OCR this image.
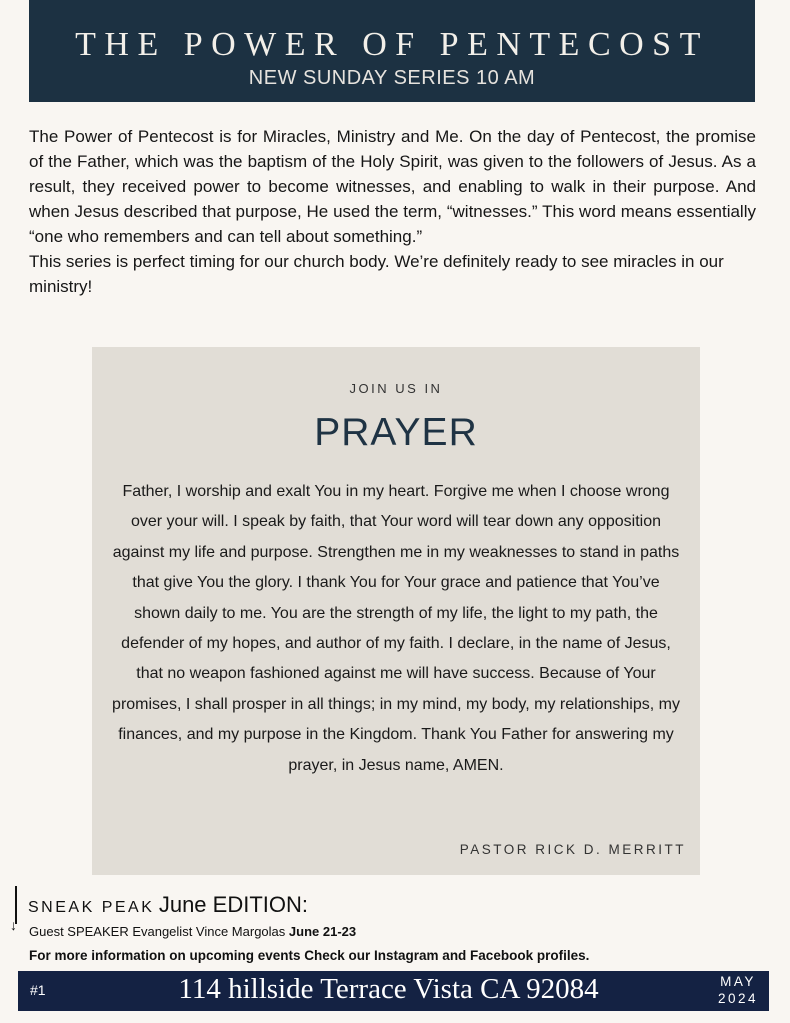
THE POWER OF PENTECOST
NEW SUNDAY SERIES 10 AM

The Power of Pentecost is for Miracles, Ministry and Me. On the day of Pentecost, the promise of the Father, which was the baptism of the Holy Spirit, was given to the followers of Jesus. As a result, they received power to become witnesses, and enabling to walk in their purpose. And when Jesus described that purpose, He used the term, “witnesses.” This word means essentially “one who remembers and can tell about something.”

This series is perfect timing for our church body. We’re definitely ready to see miracles in our ministry!

JOIN US IN
PRAYER
Father, I worship and exalt You in my heart. Forgive me when I choose wrong over your will. I speak by faith, that Your word will tear down any opposition against my life and purpose. Strengthen me in my weaknesses to stand in paths that give You the glory. I thank You for Your grace and patience that You’ve shown daily to me. You are the strength of my life, the light to my path, the defender of my hopes, and author of my faith. I declare, in the name of Jesus, that no weapon fashioned against me will have success. Because of Your promises, I shall prosper in all things; in my mind, my body, my relationships, my finances, and my purpose in the Kingdom. Thank You Father for answering my prayer, in Jesus name, AMEN.
PASTOR RICK D. MERRITT
↓
SNEAK PEAK June EDITION:
Guest SPEAKER Evangelist Vince Margolas June 21-23
For more information on upcoming events Check our Instagram and Facebook profiles.
#1	114 hillside Terrace Vista CA 92084	MAY
2024
